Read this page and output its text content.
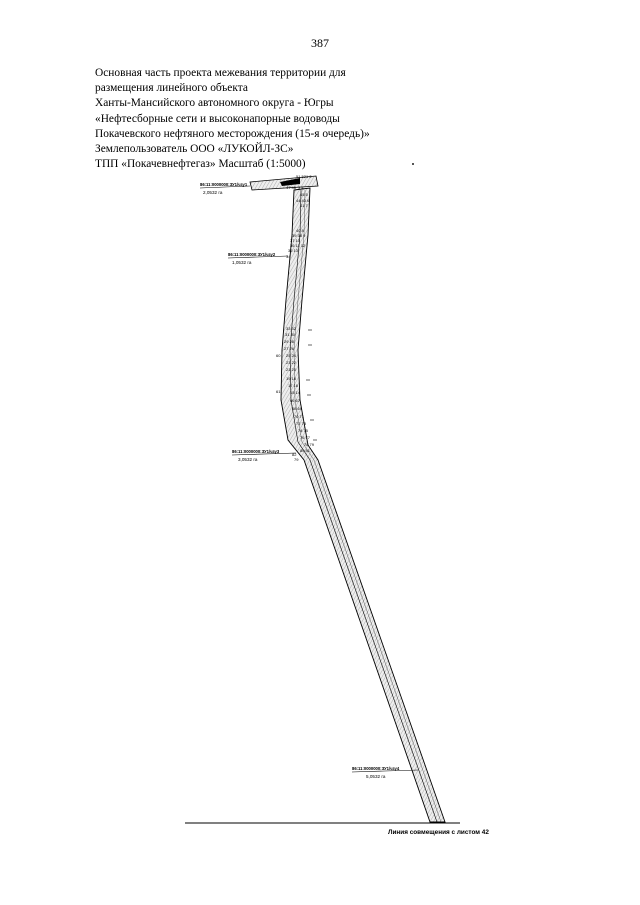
387
Основная часть проекта межевания территории для
размещения линейного объекта
Ханты-Мансийского автономного округа - Югры
«Нефтесборные сети и высоконапорные водоводы
Покачевского нефтяного месторождения (15-я очередь)»
Землепользователь ООО «ЛУКОЙЛ-ЗС»
ТПП «Покачевнефтегаз» Масштаб (1:5000)
49 50
51 52 1 2
47 48 3 4
45 5
44 43 6
41 7
40 8
39 38 9
37 10
36 11 12
35 13
34
33 32
31 30
29 28
27 26
60 25 24
23 22
21 20
19 18
17 16
61 15 14
66 67
68 69
70 71
72 73
74 75
76 77
78 79
80 81
82
79
86:11:0000000:ЗУ1/чзу1
2,0532 га
86:11:0000000:ЗУ1/чзу2
1,0532 га
86:11:0000000:ЗУ1/чзу3
3,0532 га
86:11:0000000:ЗУ1/чзу4
5,0532 га
Линия совмещения с листом 42
